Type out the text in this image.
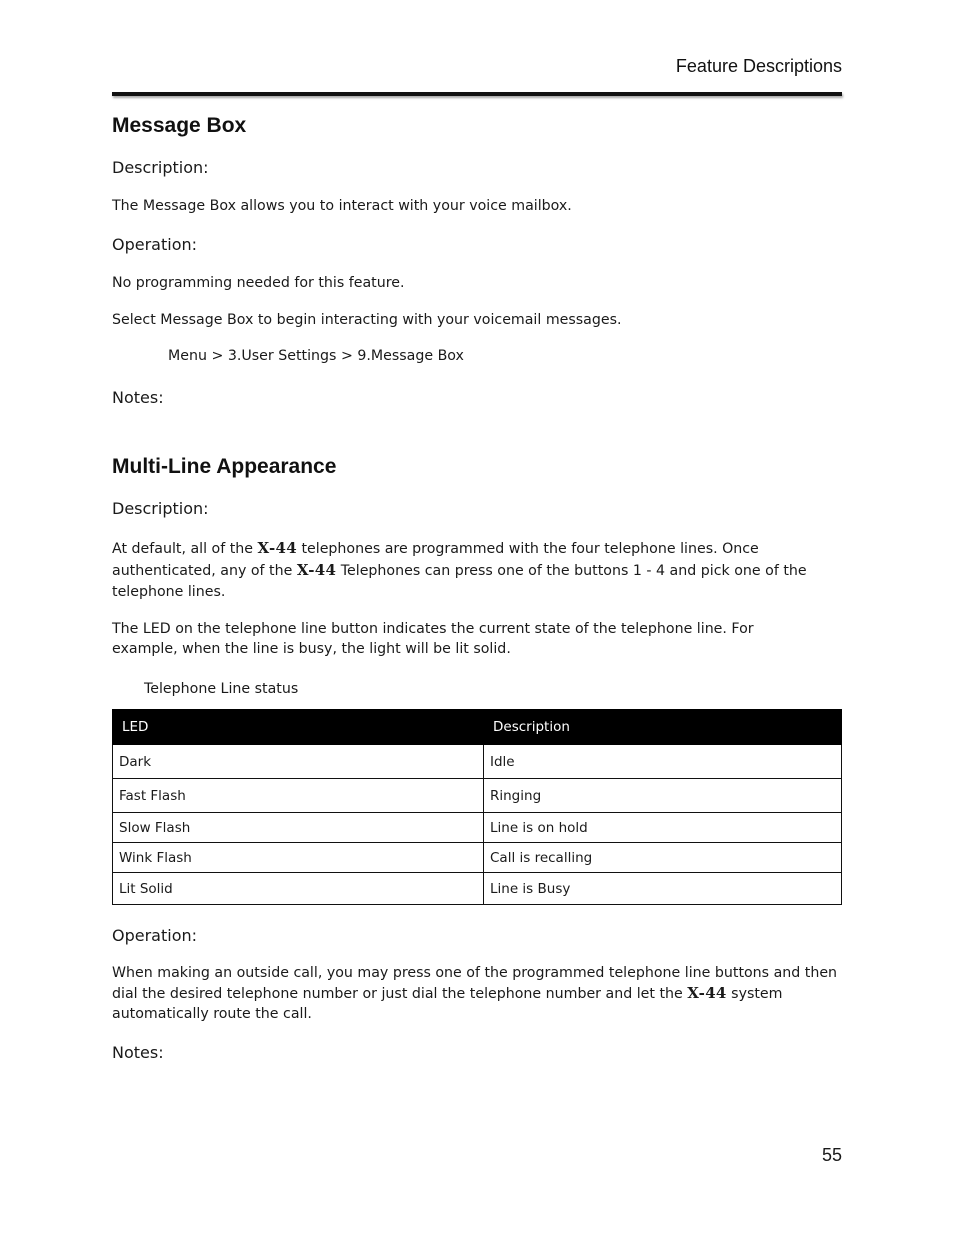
Feature Descriptions
Message Box
Description:
The Message Box allows you to interact with your voice mailbox.
Operation:
No programming needed for this feature.
Select Message Box to begin interacting with your voicemail messages.
Menu > 3.User Settings > 9.Message Box
Notes:
Multi-Line Appearance
Description:
At default, all of the X-44 telephones are programmed with the four telephone lines. Once authenticated, any of the X-44 Telephones can press one of the buttons 1 - 4 and pick one of the telephone lines.
The LED on the telephone line button indicates the current state of the telephone line. For example, when the line is busy, the light will be lit solid.
Telephone Line status
LED	Description
Dark	Idle
Fast Flash	Ringing
Slow Flash	Line is on hold
Wink Flash	Call is recalling
Lit Solid	Line is Busy
Operation:
When making an outside call, you may press one of the programmed telephone line buttons and then dial the desired telephone number or just dial the telephone number and let the X-44 system automatically route the call.
Notes:
55
